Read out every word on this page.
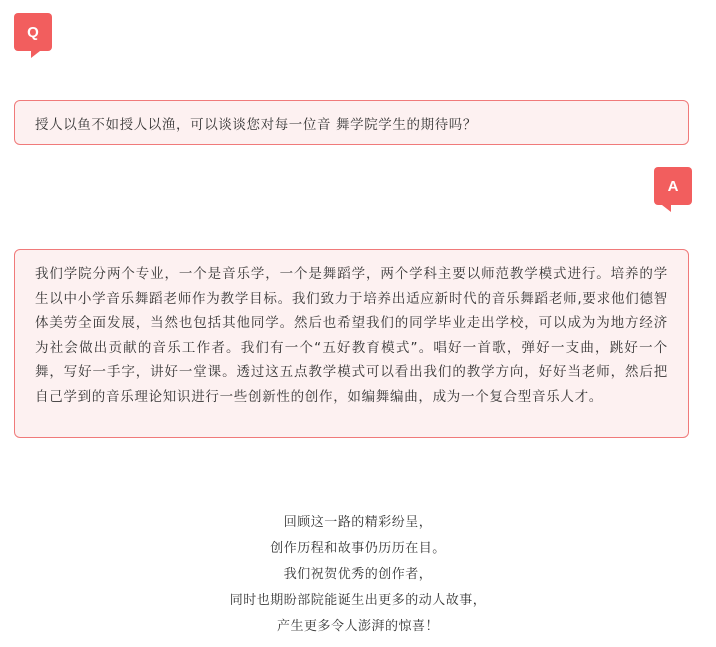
Q
授人以鱼不如授人以渔，可以谈谈您对每一位音 舞学院学生的期待吗？
A
我们学院分两个专业，一个是音乐学，一个是舞蹈学，两个学科主要以师范教学模式进行。培养的学生以中小学音乐舞蹈老师作为教学目标。我们致力于培养出适应新时代的音乐舞蹈老师,要求他们德智体美劳全面发展，当然也包括其他同学。然后也希望我们的同学毕业走出学校，可以成为为地方经济为社会做出贡献的音乐工作者。我们有一个“五好教育模式”。唱好一首歌，弹好一支曲，跳好一个舞，写好一手字，讲好一堂课。透过这五点教学模式可以看出我们的教学方向，好好当老师，然后把自己学到的音乐理论知识进行一些创新性的创作，如编舞编曲，成为一个复合型音乐人才。
回顾这一路的精彩纷呈，
创作历程和故事仍历历在目。
我们祝贺优秀的创作者，
同时也期盼部院能诞生出更多的动人故事，
产生更多令人澎湃的惊喜！
